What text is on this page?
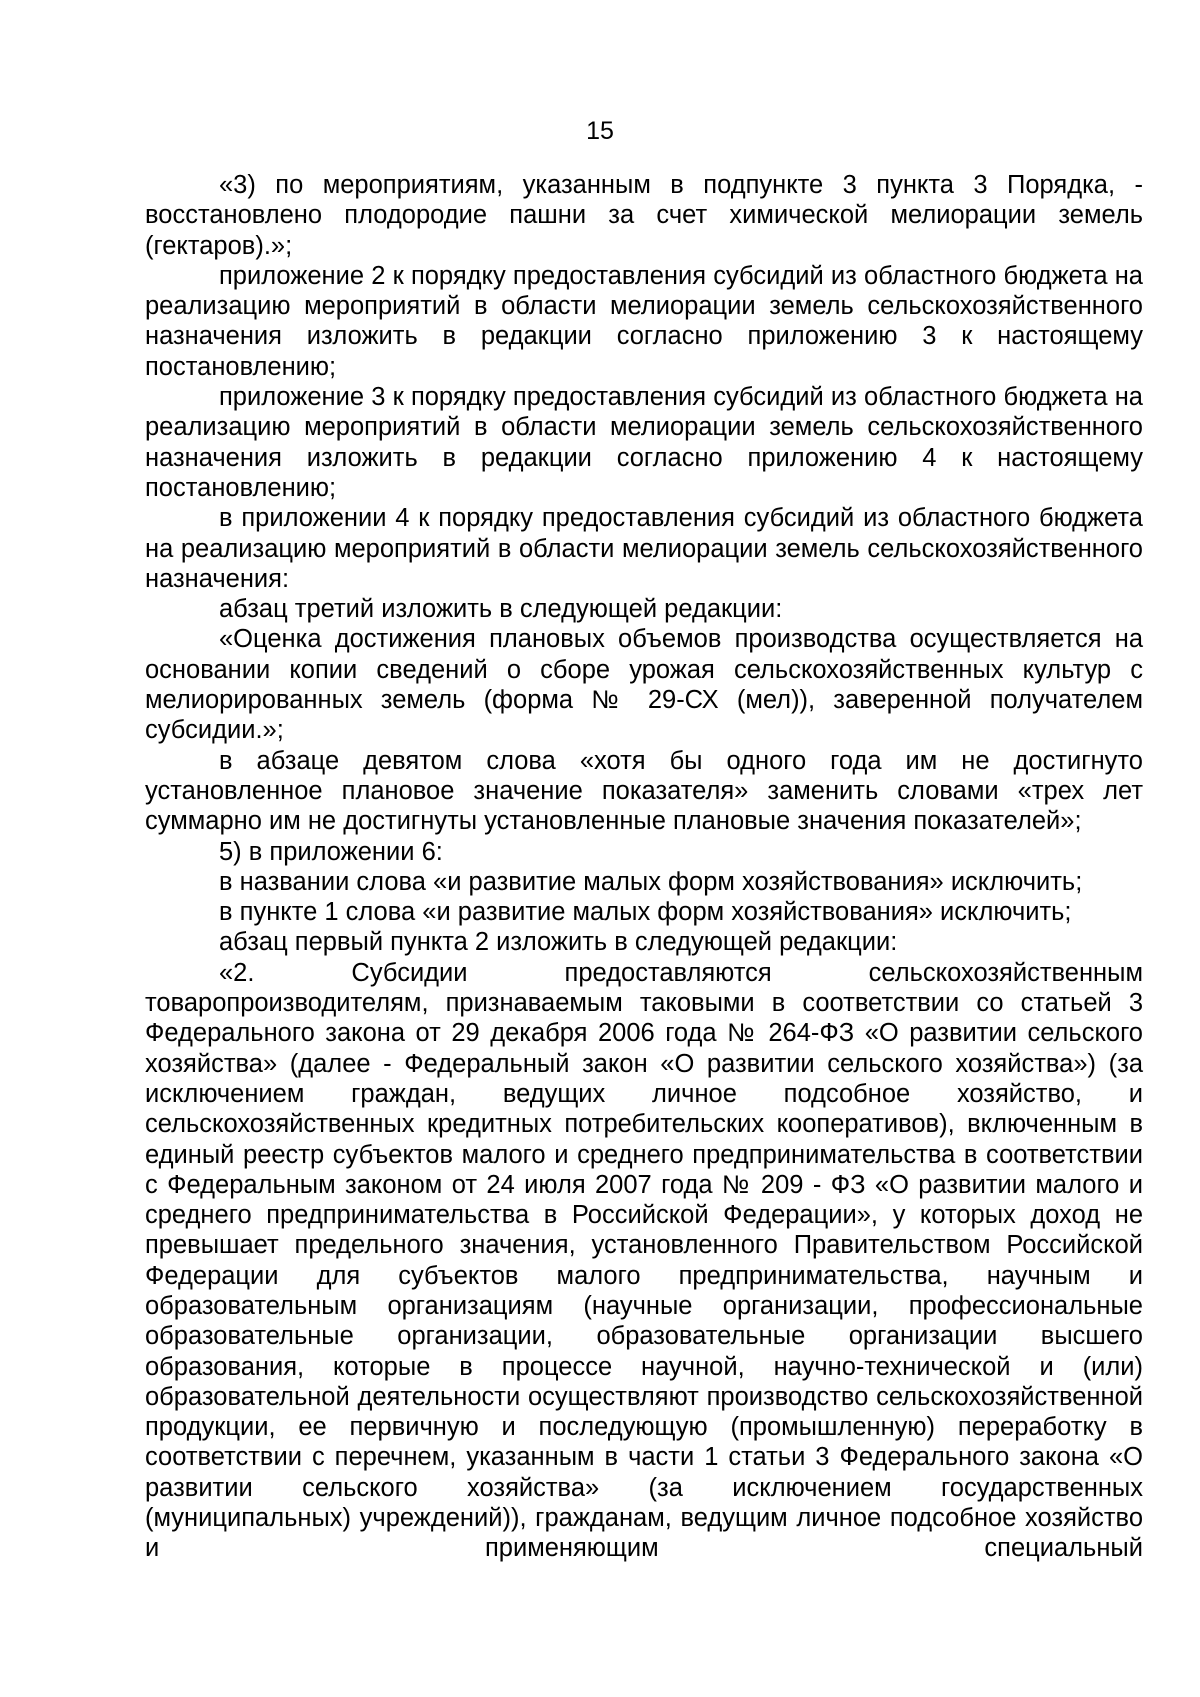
15

«3) по мероприятиям, указанным в подпункте 3 пункта 3 Порядка, - восстановлено плодородие пашни за счет химической мелиорации земель (гектаров).»;

приложение 2 к порядку предоставления субсидий из областного бюджета на реализацию мероприятий в области мелиорации земель сельскохозяйственного назначения изложить в редакции согласно приложению 3 к настоящему постановлению;

приложение 3 к порядку предоставления субсидий из областного бюджета на реализацию мероприятий в области мелиорации земель сельскохозяйственного назначения изложить в редакции согласно приложению 4 к настоящему постановлению;

в приложении 4 к порядку предоставления субсидий из областного бюджета на реализацию мероприятий в области мелиорации земель сельскохозяйственного назначения:

абзац третий изложить в следующей редакции:

«Оценка достижения плановых объемов производства осуществляется на основании копии сведений о сборе урожая сельскохозяйственных культур с мелиорированных земель (форма № 29-СХ (мел)), заверенной получателем субсидии.»;

в абзаце девятом слова «хотя бы одного года им не достигнуто установленное плановое значение показателя» заменить словами «трех лет суммарно им не достигнуты установленные плановые значения показателей»;

5) в приложении 6:

в названии слова «и развитие малых форм хозяйствования» исключить;

в пункте 1 слова «и развитие малых форм хозяйствования» исключить;

абзац первый пункта 2 изложить в следующей редакции:

«2. Субсидии предоставляются сельскохозяйственным товаропроизводителям, признаваемым таковыми в соответствии со статьей 3 Федерального закона от 29 декабря 2006 года № 264-ФЗ «О развитии сельского хозяйства» (далее - Федеральный закон «О развитии сельского хозяйства») (за исключением граждан, ведущих личное подсобное хозяйство, и сельскохозяйственных кредитных потребительских кооперативов), включенным в единый реестр субъектов малого и среднего предпринимательства в соответствии с Федеральным законом от 24 июля 2007 года № 209 - ФЗ «О развитии малого и среднего предпринимательства в Российской Федерации», у которых доход не превышает предельного значения, установленного Правительством Российской Федерации для субъектов малого предпринимательства, научным и образовательным организациям (научные организации, профессиональные образовательные организации, образовательные организации высшего образования, которые в процессе научной, научно-технической и (или) образовательной деятельности осуществляют производство сельскохозяйственной продукции, ее первичную и последующую (промышленную) переработку в соответствии с перечнем, указанным в части 1 статьи 3 Федерального закона «О развитии сельского хозяйства» (за исключением государственных (муниципальных) учреждений)), гражданам, ведущим личное подсобное хозяйство и применяющим специальный
